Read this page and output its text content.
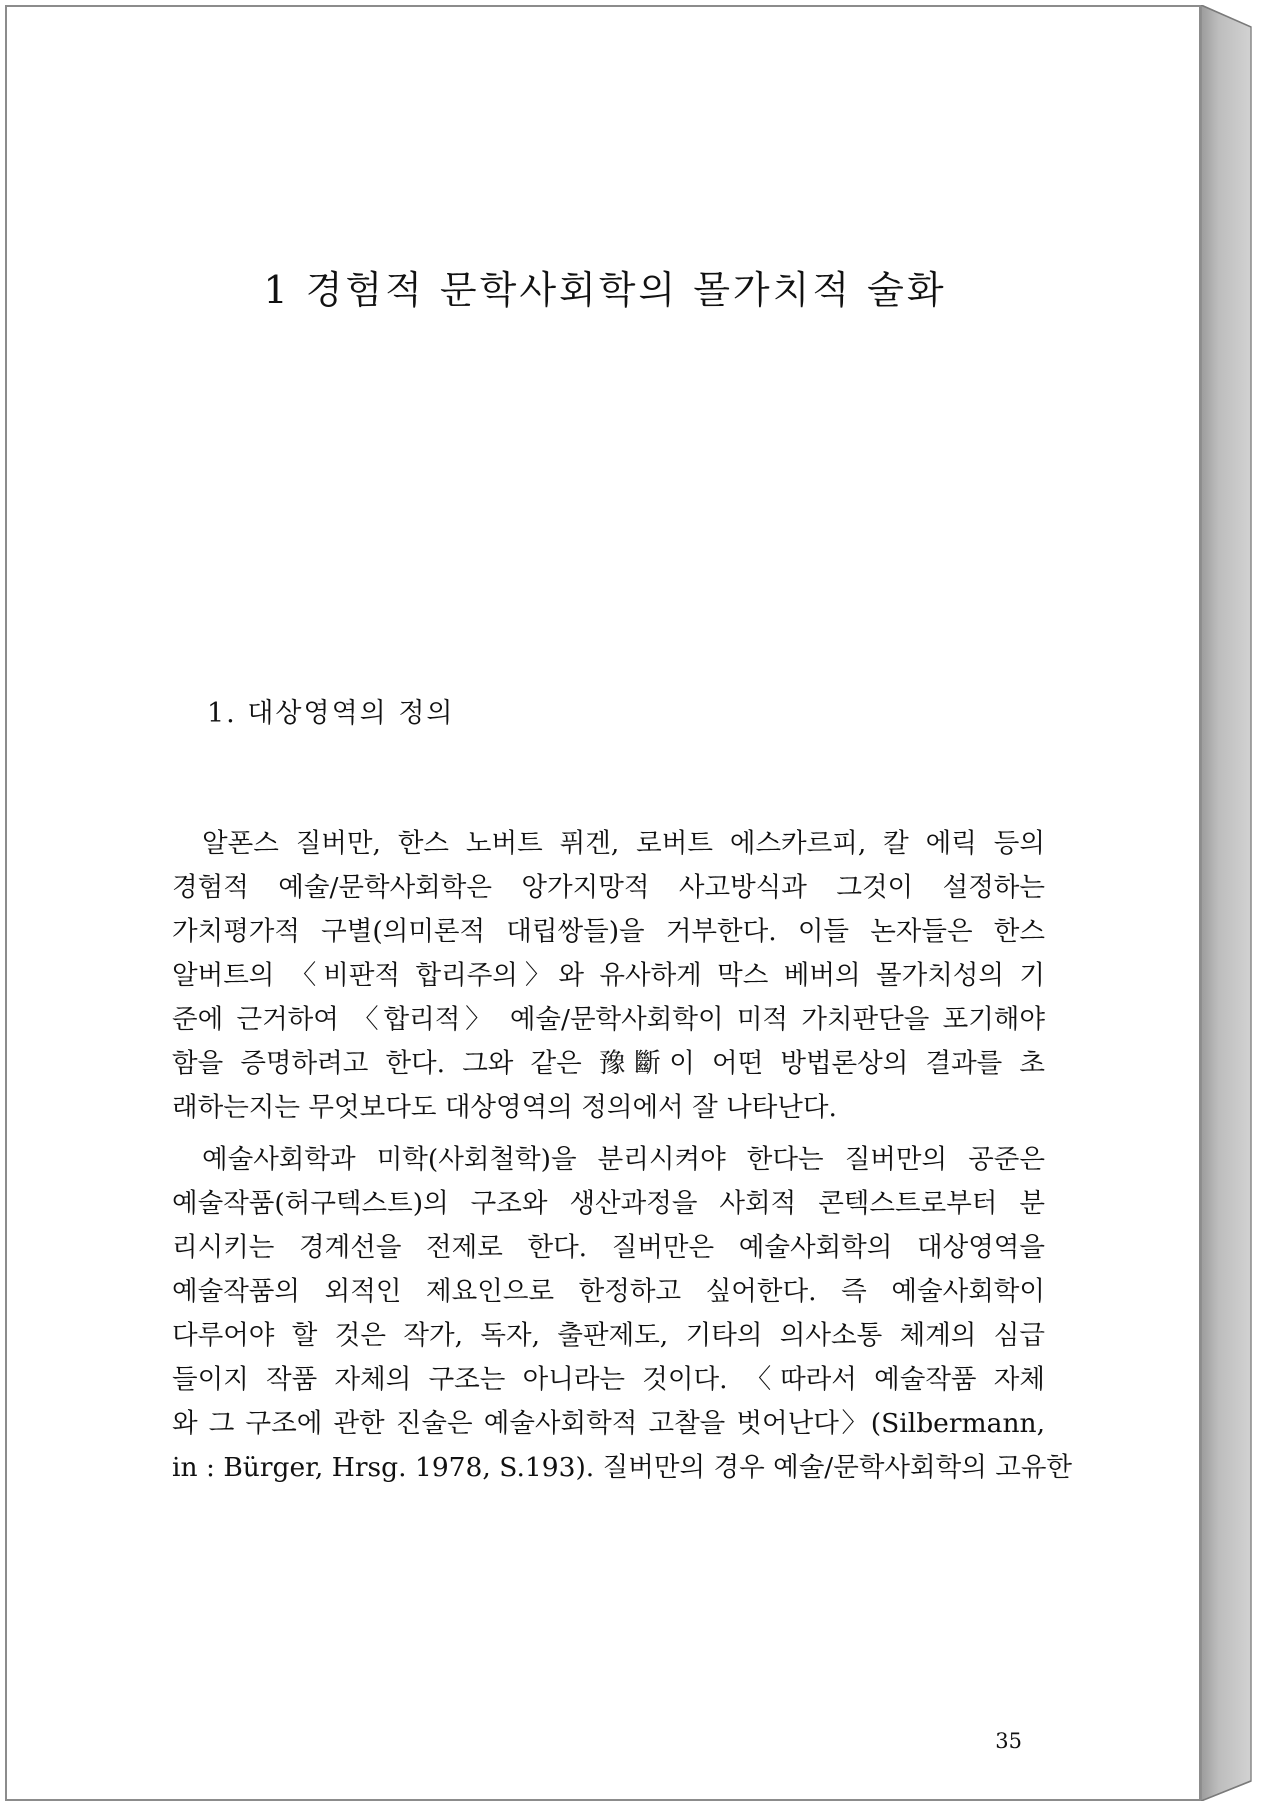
1 경험적 문학사회학의 몰가치적 술화
1. 대상영역의 정의
알폰스 질버만, 한스 노버트 퓌겐, 로버트 에스카르피, 칼 에릭 등의
경험적 예술/문학사회학은 앙가지망적 사고방식과 그것이 설정하는
가치평가적 구별(의미론적 대립쌍들)을 거부한다. 이들 논자들은 한스
알버트의 〈비판적 합리주의〉와 유사하게 막스 베버의 몰가치성의 기
준에 근거하여 〈합리적〉 예술/문학사회학이 미적 가치판단을 포기해야
함을 증명하려고 한다. 그와 같은 豫斷이 어떤 방법론상의 결과를 초
래하는지는 무엇보다도 대상영역의 정의에서 잘 나타난다.
예술사회학과 미학(사회철학)을 분리시켜야 한다는 질버만의 공준은
예술작품(허구텍스트)의 구조와 생산과정을 사회적 콘텍스트로부터 분
리시키는 경계선을 전제로 한다. 질버만은 예술사회학의 대상영역을
예술작품의 외적인 제요인으로 한정하고 싶어한다. 즉 예술사회학이
다루어야 할 것은 작가, 독자, 출판제도, 기타의 의사소통 체계의 심급
들이지 작품 자체의 구조는 아니라는 것이다. 〈따라서 예술작품 자체
와 그 구조에 관한 진술은 예술사회학적 고찰을 벗어난다〉(Silbermann,
in : Bürger, Hrsg. 1978, S.193). 질버만의 경우 예술/문학사회학의 고유한
35
